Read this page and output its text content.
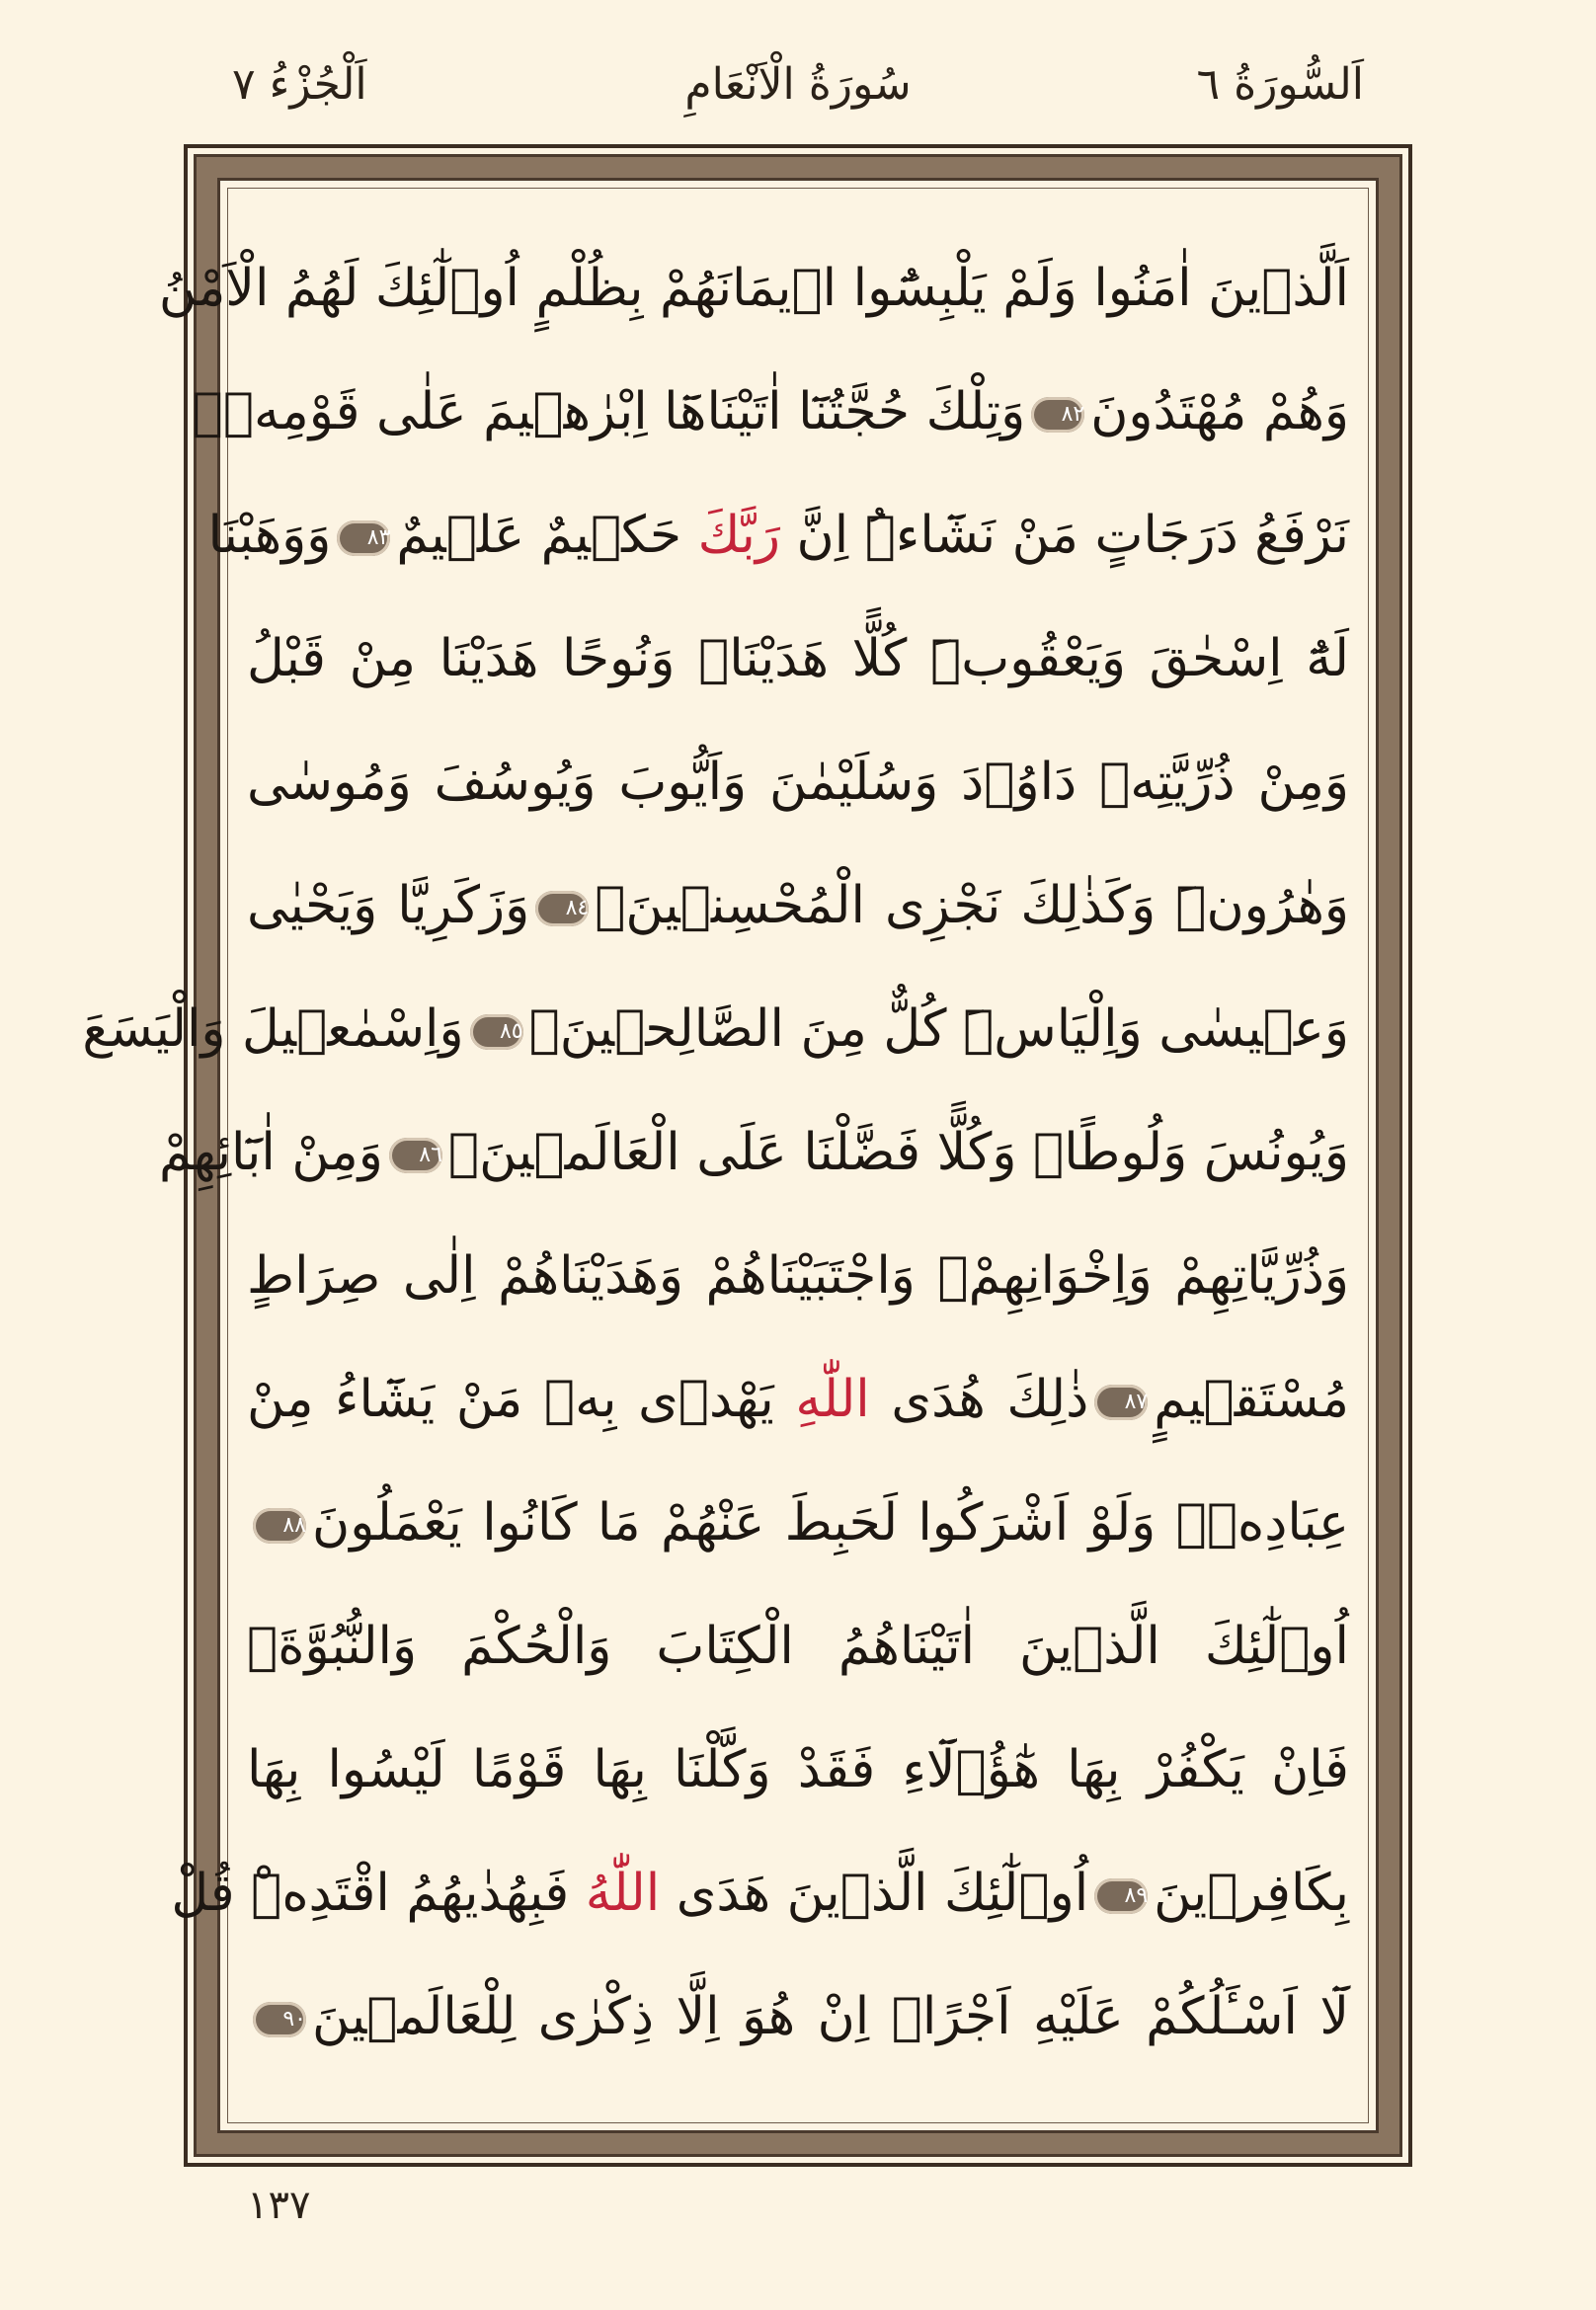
اَلْجُزْءُ ٧	سُورَةُ الْاَنْعَامِ	اَلسُّورَةُ ٦
اَلَّذٖينَ اٰمَنُوا وَلَمْ يَلْبِسُٓوا اٖيمَانَهُمْ بِظُلْمٍ اُو۬لٰٓئِكَ لَهُمُ الْاَمْنُ
وَهُمْ مُهْتَدُونَ٨٢وَتِلْكَ حُجَّتُنَٓا اٰتَيْنَاهَٓا اِبْرٰهٖيمَ عَلٰى قَوْمِهٖۜ
نَرْفَعُ دَرَجَاتٍ مَنْ نَشَٓاءُۜ اِنَّ رَبَّكَ حَكٖيمٌ عَلٖيمٌ٨٣وَوَهَبْنَا
لَهُٓ اِسْحٰقَ وَيَعْقُوبَۜ كُلًّا هَدَيْنَاۚ وَنُوحًا هَدَيْنَا مِنْ قَبْلُ
وَمِنْ ذُرِّيَّتِهٖ دَاوُ۫دَ وَسُلَيْمٰنَ وَاَيُّوبَ وَيُوسُفَ وَمُوسٰى
وَهٰرُونَۜ وَكَذٰلِكَ نَجْزِى الْمُحْسِنٖينَۙ٨٤وَزَكَرِيَّا وَيَحْيٰى
وَعٖيسٰى وَاِلْيَاسَۜ كُلٌّ مِنَ الصَّالِحٖينَۙ٨٥وَاِسْمٰعٖيلَ وَالْيَسَعَ
وَيُونُسَ وَلُوطًاۜ وَكُلًّا فَضَّلْنَا عَلَى الْعَالَمٖينَۙ٨٦وَمِنْ اٰبَٓائِهِمْ
وَذُرِّيَّاتِهِمْ وَاِخْوَانِهِمْۚ وَاجْتَبَيْنَاهُمْ وَهَدَيْنَاهُمْ اِلٰى صِرَاطٍ
مُسْتَقٖيمٍ٨٧ذٰلِكَ هُدَى اللّٰهِ يَهْدٖى بِهٖ مَنْ يَشَٓاءُ مِنْ
عِبَادِهٖۜ وَلَوْ اَشْرَكُوا لَحَبِطَ عَنْهُمْ مَا كَانُوا يَعْمَلُونَ٨٨
اُو۬لٰٓئِكَ الَّذٖينَ اٰتَيْنَاهُمُ الْكِتَابَ وَالْحُكْمَ وَالنُّبُوَّةَۚ
فَاِنْ يَكْفُرْ بِهَا هٰٓؤُ۬لَٓاءِ فَقَدْ وَكَّلْنَا بِهَا قَوْمًا لَيْسُوا بِهَا
بِكَافِرٖينَ٨٩اُو۬لٰٓئِكَ الَّذٖينَ هَدَى اللّٰهُ فَبِهُدٰيهُمُ اقْتَدِهْۜ قُلْ
لَٓا اَسْـَٔلُكُمْ عَلَيْهِ اَجْرًاۜ اِنْ هُوَ اِلَّا ذِكْرٰى لِلْعَالَمٖينَ٩٠
١٣٧
